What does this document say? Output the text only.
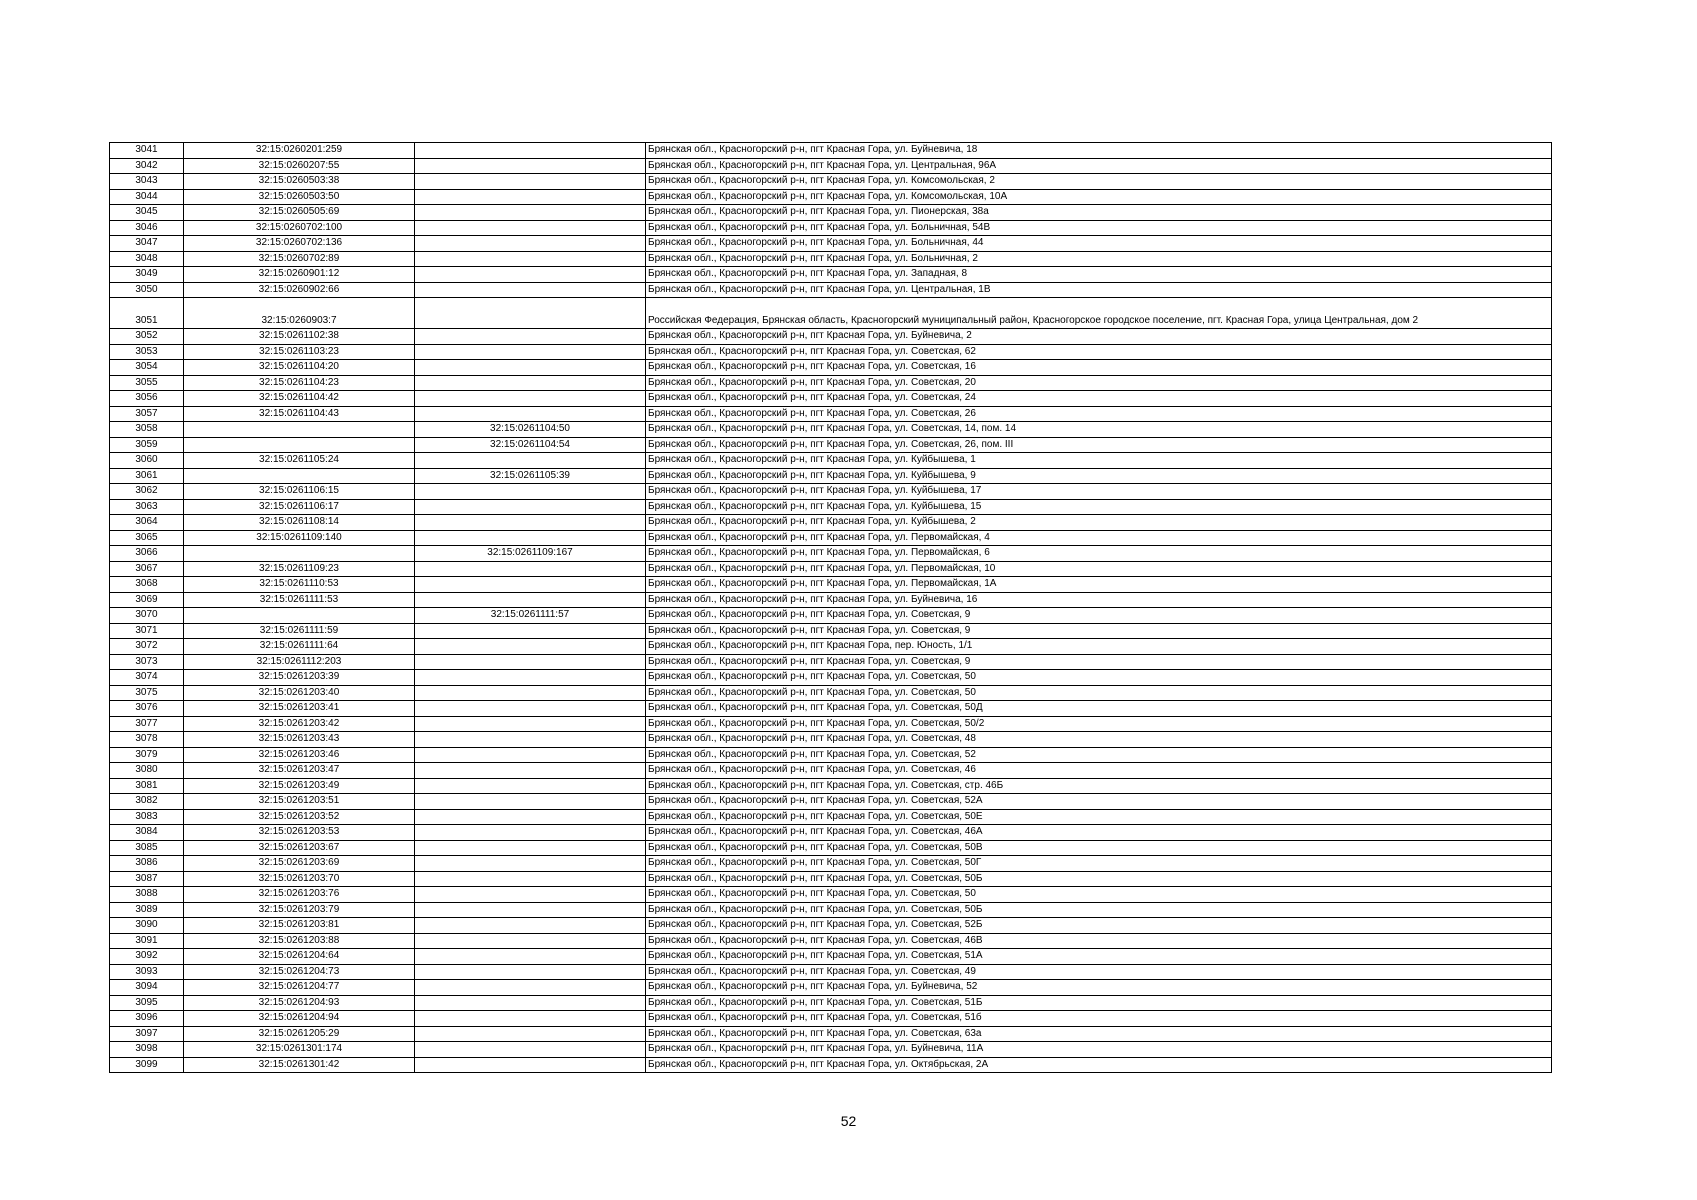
3041	32:15:0260201:259		Брянская обл., Красногорский р-н, пгт Красная Гора, ул. Буйневича, 18
3042	32:15:0260207:55		Брянская обл., Красногорский р-н, пгт Красная Гора, ул. Центральная, 96А
3043	32:15:0260503:38		Брянская обл., Красногорский р-н, пгт Красная Гора, ул. Комсомольская, 2
3044	32:15:0260503:50		Брянская обл., Красногорский р-н, пгт Красная Гора, ул. Комсомольская, 10А
3045	32:15:0260505:69		Брянская обл., Красногорский р-н, пгт Красная Гора, ул. Пионерская, 38а
3046	32:15:0260702:100		Брянская обл., Красногорский р-н, пгт Красная Гора, ул. Больничная, 54В
3047	32:15:0260702:136		Брянская обл., Красногорский р-н, пгт Красная Гора, ул. Больничная, 44
3048	32:15:0260702:89		Брянская обл., Красногорский р-н, пгт Красная Гора, ул. Больничная, 2
3049	32:15:0260901:12		Брянская обл., Красногорский р-н, пгт Красная Гора, ул. Западная, 8
3050	32:15:0260902:66		Брянская обл., Красногорский р-н, пгт Красная Гора, ул. Центральная, 1В
3051	32:15:0260903:7		Российская Федерация, Брянская область, Красногорский муниципальный район, Красногорское городское поселение, пгт. Красная Гора, улица Центральная, дом 2
3052	32:15:0261102:38		Брянская обл., Красногорский р-н, пгт Красная Гора, ул. Буйневича, 2
3053	32:15:0261103:23		Брянская обл., Красногорский р-н, пгт Красная Гора, ул. Советская, 62
3054	32:15:0261104:20		Брянская обл., Красногорский р-н, пгт Красная Гора, ул. Советская, 16
3055	32:15:0261104:23		Брянская обл., Красногорский р-н, пгт Красная Гора, ул. Советская, 20
3056	32:15:0261104:42		Брянская обл., Красногорский р-н, пгт Красная Гора, ул. Советская, 24
3057	32:15:0261104:43		Брянская обл., Красногорский р-н, пгт Красная Гора, ул. Советская, 26
3058		32:15:0261104:50	Брянская обл., Красногорский р-н, пгт Красная Гора, ул. Советская, 14, пом. 14
3059		32:15:0261104:54	Брянская обл., Красногорский р-н, пгт Красная Гора, ул. Советская, 26, пом. III
3060	32:15:0261105:24		Брянская обл., Красногорский р-н, пгт Красная Гора, ул. Куйбышева, 1
3061		32:15:0261105:39	Брянская обл., Красногорский р-н, пгт Красная Гора, ул. Куйбышева, 9
3062	32:15:0261106:15		Брянская обл., Красногорский р-н, пгт Красная Гора, ул. Куйбышева, 17
3063	32:15:0261106:17		Брянская обл., Красногорский р-н, пгт Красная Гора, ул. Куйбышева, 15
3064	32:15:0261108:14		Брянская обл., Красногорский р-н, пгт Красная Гора, ул. Куйбышева, 2
3065	32:15:0261109:140		Брянская обл., Красногорский р-н, пгт Красная Гора, ул. Первомайская, 4
3066		32:15:0261109:167	Брянская обл., Красногорский р-н, пгт Красная Гора, ул. Первомайская, 6
3067	32:15:0261109:23		Брянская обл., Красногорский р-н, пгт Красная Гора, ул. Первомайская, 10
3068	32:15:0261110:53		Брянская обл., Красногорский р-н, пгт Красная Гора, ул. Первомайская, 1А
3069	32:15:0261111:53		Брянская обл., Красногорский р-н, пгт Красная Гора, ул. Буйневича, 16
3070		32:15:0261111:57	Брянская обл., Красногорский р-н, пгт Красная Гора, ул. Советская, 9
3071	32:15:0261111:59		Брянская обл., Красногорский р-н, пгт Красная Гора, ул. Советская, 9
3072	32:15:0261111:64		Брянская обл., Красногорский р-н, пгт Красная Гора, пер. Юность, 1/1
3073	32:15:0261112:203		Брянская обл., Красногорский р-н, пгт Красная Гора, ул. Советская, 9
3074	32:15:0261203:39		Брянская обл., Красногорский р-н, пгт Красная Гора, ул. Советская, 50
3075	32:15:0261203:40		Брянская обл., Красногорский р-н, пгт Красная Гора, ул. Советская, 50
3076	32:15:0261203:41		Брянская обл., Красногорский р-н, пгт Красная Гора, ул. Советская, 50Д
3077	32:15:0261203:42		Брянская обл., Красногорский р-н, пгт Красная Гора, ул. Советская, 50/2
3078	32:15:0261203:43		Брянская обл., Красногорский р-н, пгт Красная Гора, ул. Советская, 48
3079	32:15:0261203:46		Брянская обл., Красногорский р-н, пгт Красная Гора, ул. Советская, 52
3080	32:15:0261203:47		Брянская обл., Красногорский р-н, пгт Красная Гора, ул. Советская, 46
3081	32:15:0261203:49		Брянская обл., Красногорский р-н, пгт Красная Гора, ул. Советская, стр. 46Б
3082	32:15:0261203:51		Брянская обл., Красногорский р-н, пгт Красная Гора, ул. Советская, 52А
3083	32:15:0261203:52		Брянская обл., Красногорский р-н, пгт Красная Гора, ул. Советская, 50Е
3084	32:15:0261203:53		Брянская обл., Красногорский р-н, пгт Красная Гора, ул. Советская, 46А
3085	32:15:0261203:67		Брянская обл., Красногорский р-н, пгт Красная Гора, ул. Советская, 50В
3086	32:15:0261203:69		Брянская обл., Красногорский р-н, пгт Красная Гора, ул. Советская, 50Г
3087	32:15:0261203:70		Брянская обл., Красногорский р-н, пгт Красная Гора, ул. Советская, 50Б
3088	32:15:0261203:76		Брянская обл., Красногорский р-н, пгт Красная Гора, ул. Советская, 50
3089	32:15:0261203:79		Брянская обл., Красногорский р-н, пгт Красная Гора, ул. Советская, 50Б
3090	32:15:0261203:81		Брянская обл., Красногорский р-н, пгт Красная Гора, ул. Советская, 52Б
3091	32:15:0261203:88		Брянская обл., Красногорский р-н, пгт Красная Гора, ул. Советская, 46В
3092	32:15:0261204:64		Брянская обл., Красногорский р-н, пгт Красная Гора, ул. Советская, 51А
3093	32:15:0261204:73		Брянская обл., Красногорский р-н, пгт Красная Гора, ул. Советская, 49
3094	32:15:0261204:77		Брянская обл., Красногорский р-н, пгт Красная Гора, ул. Буйневича, 52
3095	32:15:0261204:93		Брянская обл., Красногорский р-н, пгт Красная Гора, ул. Советская, 51Б
3096	32:15:0261204:94		Брянская обл., Красногорский р-н, пгт Красная Гора, ул. Советская, 51б
3097	32:15:0261205:29		Брянская обл., Красногорский р-н, пгт Красная Гора, ул. Советская, 63а
3098	32:15:0261301:174		Брянская обл., Красногорский р-н, пгт Красная Гора, ул. Буйневича, 11А
3099	32:15:0261301:42		Брянская обл., Красногорский р-н, пгт Красная Гора, ул. Октябрьская, 2А
52
